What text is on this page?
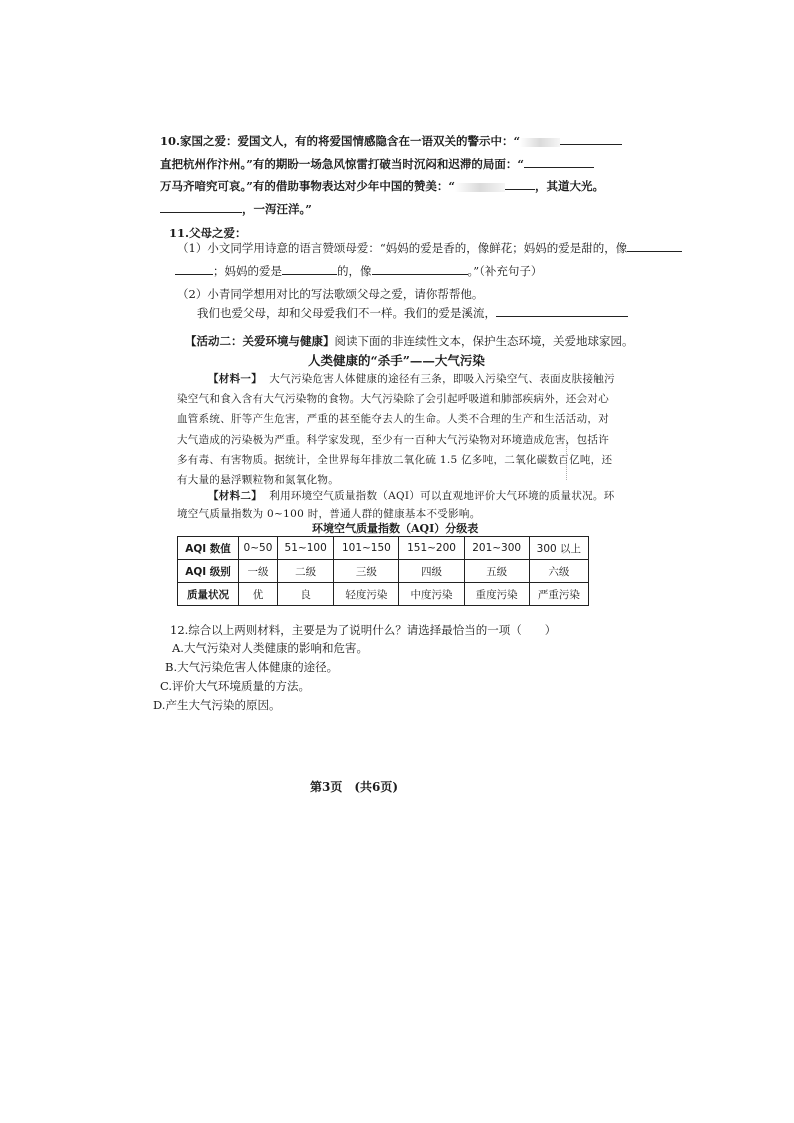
10.家国之爱：爱国文人，有的将爱国情感隐含在一语双关的警示中：“
直把杭州作汴州。”有的期盼一场急风惊雷打破当时沉闷和迟滞的局面：“
万马齐喑究可哀。”有的借助事物表达对少年中国的赞美：“	，其道大光。
，一泻汪洋。”
11.父母之爱：
（1）小文同学用诗意的语言赞颂母爱：“妈妈的爱是香的，像鲜花；妈妈的爱是甜的，像
；妈妈的爱是	的，像	。”（补充句子）
（2）小青同学想用对比的写法歌颂父母之爱，请你帮帮他。
我们也爱父母，却和父母爱我们不一样。我们的爱是溪流，
【活动二：关爱环境与健康】阅读下面的非连续性文本，保护生态环境，关爱地球家园。
人类健康的“杀手”——大气污染
【材料一】 大气污染危害人体健康的途径有三条，即吸入污染空气、表面皮肤接触污
染空气和食入含有大气污染物的食物。大气污染除了会引起呼吸道和肺部疾病外，还会对心
血管系统、肝等产生危害，严重的甚至能夺去人的生命。人类不合理的生产和生活活动，对
大气造成的污染极为严重。科学家发现，至少有一百种大气污染物对环境造成危害，包括许
多有毒、有害物质。据统计，全世界每年排放二氧化硫 1.5 亿多吨，二氧化碳数百亿吨，还
有大量的悬浮颗粒物和氮氧化物。
【材料二】 利用环境空气质量指数（AQI）可以直观地评价大气环境的质量状况。环
境空气质量指数为 0~100 时，普通人群的健康基本不受影响。
环境空气质量指数（AQI）分级表
AQI 数值	0~50	51~100	101~150	151~200	201~300	300 以上
AQI 级别	一级	二级	三级	四级	五级	六级
质量状况	优	良	轻度污染	中度污染	重度污染	严重污染
12.综合以上两则材料，主要是为了说明什么？请选择最恰当的一项（　　）
A.大气污染对人类健康的影响和危害。
B.大气污染危害人体健康的途径。
C.评价大气环境质量的方法。
D.产生大气污染的原因。
第3页　(共6页)
